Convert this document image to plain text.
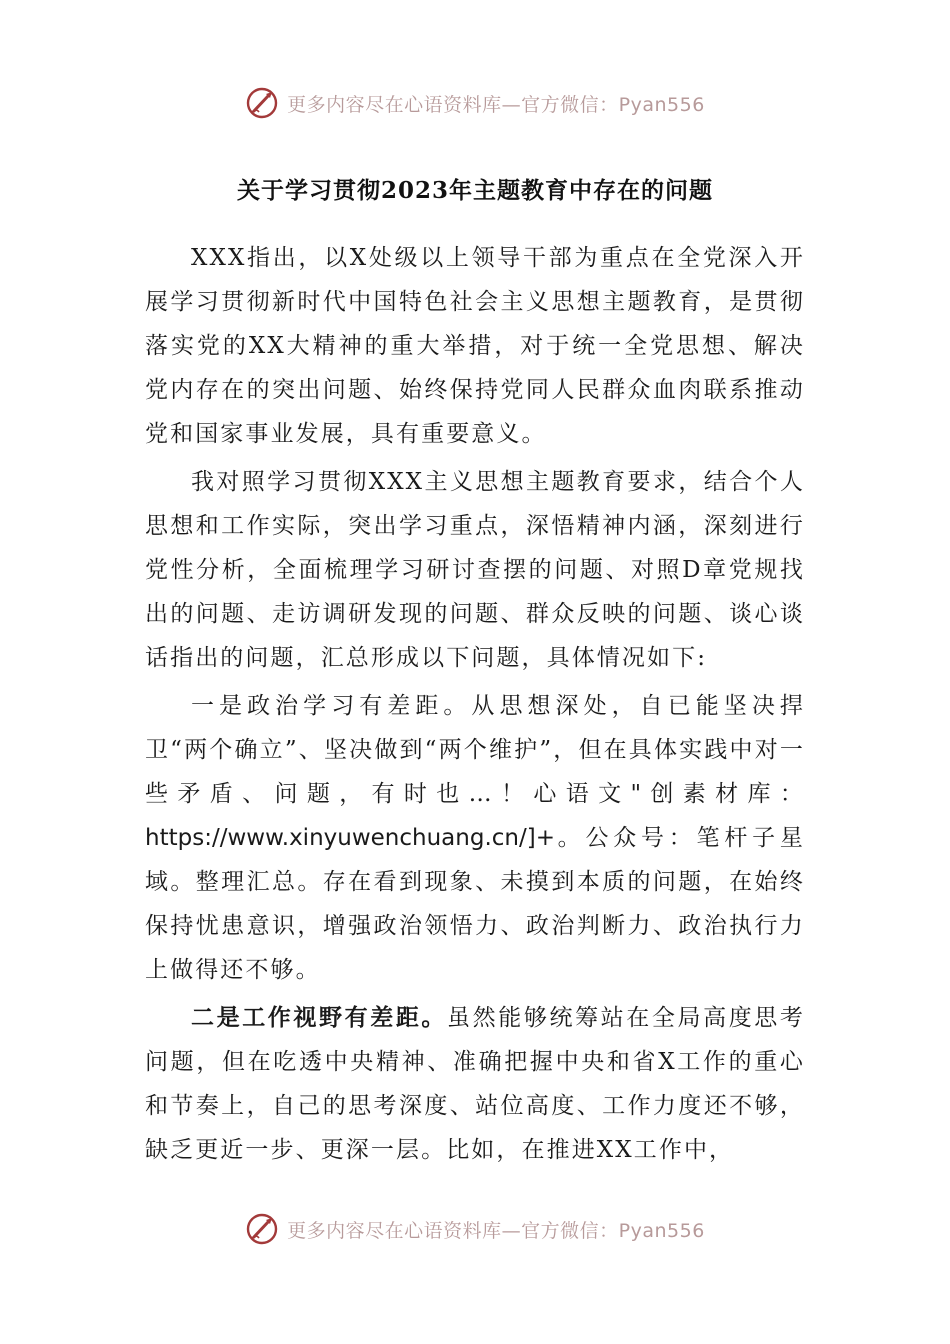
更多内容尽在心语资料库—官方微信：Pyan556
关于学习贯彻2023年主题教育中存在的问题

XXX指出，以X处级以上领导干部为重点在全党深入开展学习贯彻新时代中国特色社会主义思想主题教育，是贯彻落实党的XX大精神的重大举措，对于统一全党思想、解决党内存在的突出问题、始终保持党同人民群众血肉联系推动党和国家事业发展，具有重要意义。

我对照学习贯彻XXX主义思想主题教育要求，结合个人思想和工作实际，突出学习重点，深悟精神内涵，深刻进行党性分析，全面梳理学习研讨查摆的问题、对照D章党规找出的问题、走访调研发现的问题、群众反映的问题、谈心谈话指出的问题，汇总形成以下问题，具体情况如下:

一是政治学习有差距。从思想深处，自已能坚决捍卫“两个确立”、坚决做到“两个维护”，但在具体实践中对一些矛盾、问题，有时也…！心语文"创素材库：https://www.xinyuwenchuang.cn/]+。公众号：笔杆子星域。整理汇总。存在看到现象、未摸到本质的问题，在始终保持忧患意识，增强政治领悟力、政治判断力、政治执行力上做得还不够。

二是工作视野有差距。虽然能够统筹站在全局高度思考问题，但在吃透中央精神、准确把握中央和省X工作的重心和节奏上，自己的思考深度、站位高度、工作力度还不够，缺乏更近一步、更深一层。比如，在推进XX工作中，

更多内容尽在心语资料库—官方微信：Pyan556
